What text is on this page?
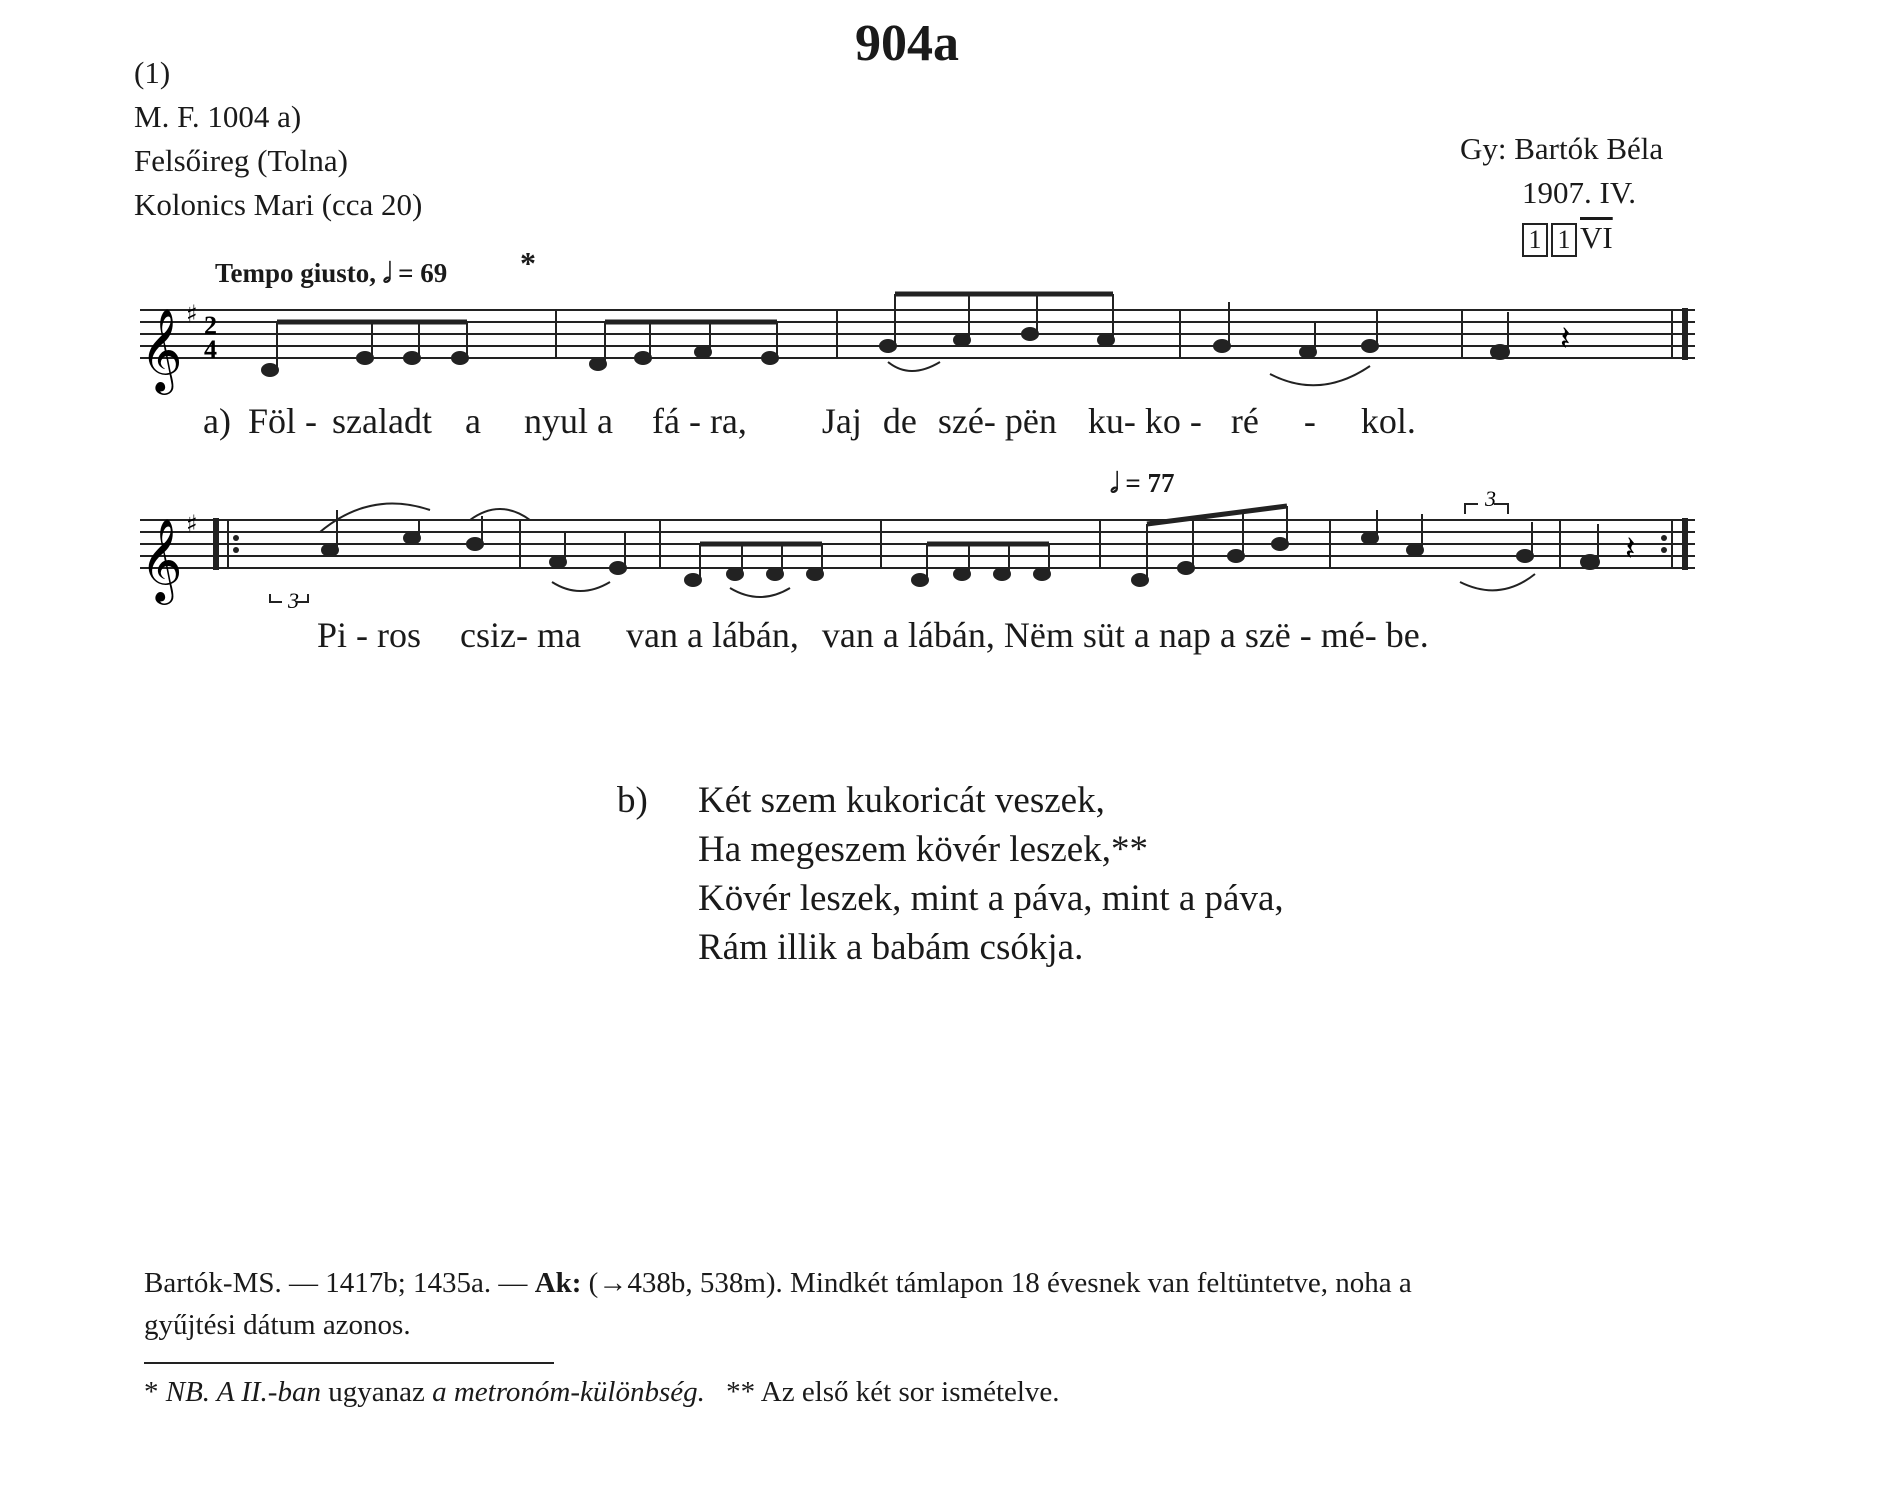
904a
(1)
M. F. 1004 a)
Felsőireg (Tolna)
Kolonics Mari (cca 20)
Gy: Bartók Béla
1907. IV.
1 1 $\overline{VI}$
Tempo giusto, 𝅗𝅥 = 69 *
𝄞 ♯ 2
4	𝄽
a) Föl - szaladt a nyul a fá - ra, Jaj de szé- pën ku- ko - ré - kol.
𝅗𝅥 = 77
𝄞 ♯
𝄽
3
3
Pi - ros csiz- ma van a lábán, van a lábán, Nëm süt a nap a szë - mé- be.
b) Két szem kukoricát veszek,
Ha megeszem kövér leszek,**
Kövér leszek, mint a páva, mint a páva,
Rám illik a babám csókja.
Bartók-MS. — 1417b; 1435a. — Ak: (→438b, 538m). Mindkét támlapon 18 évesnek van feltüntetve, noha a
gyűjtési dátum azonos.
* NB. A II.-ban ugyanaz a metronóm-különbség. ** Az első két sor ismételve.
